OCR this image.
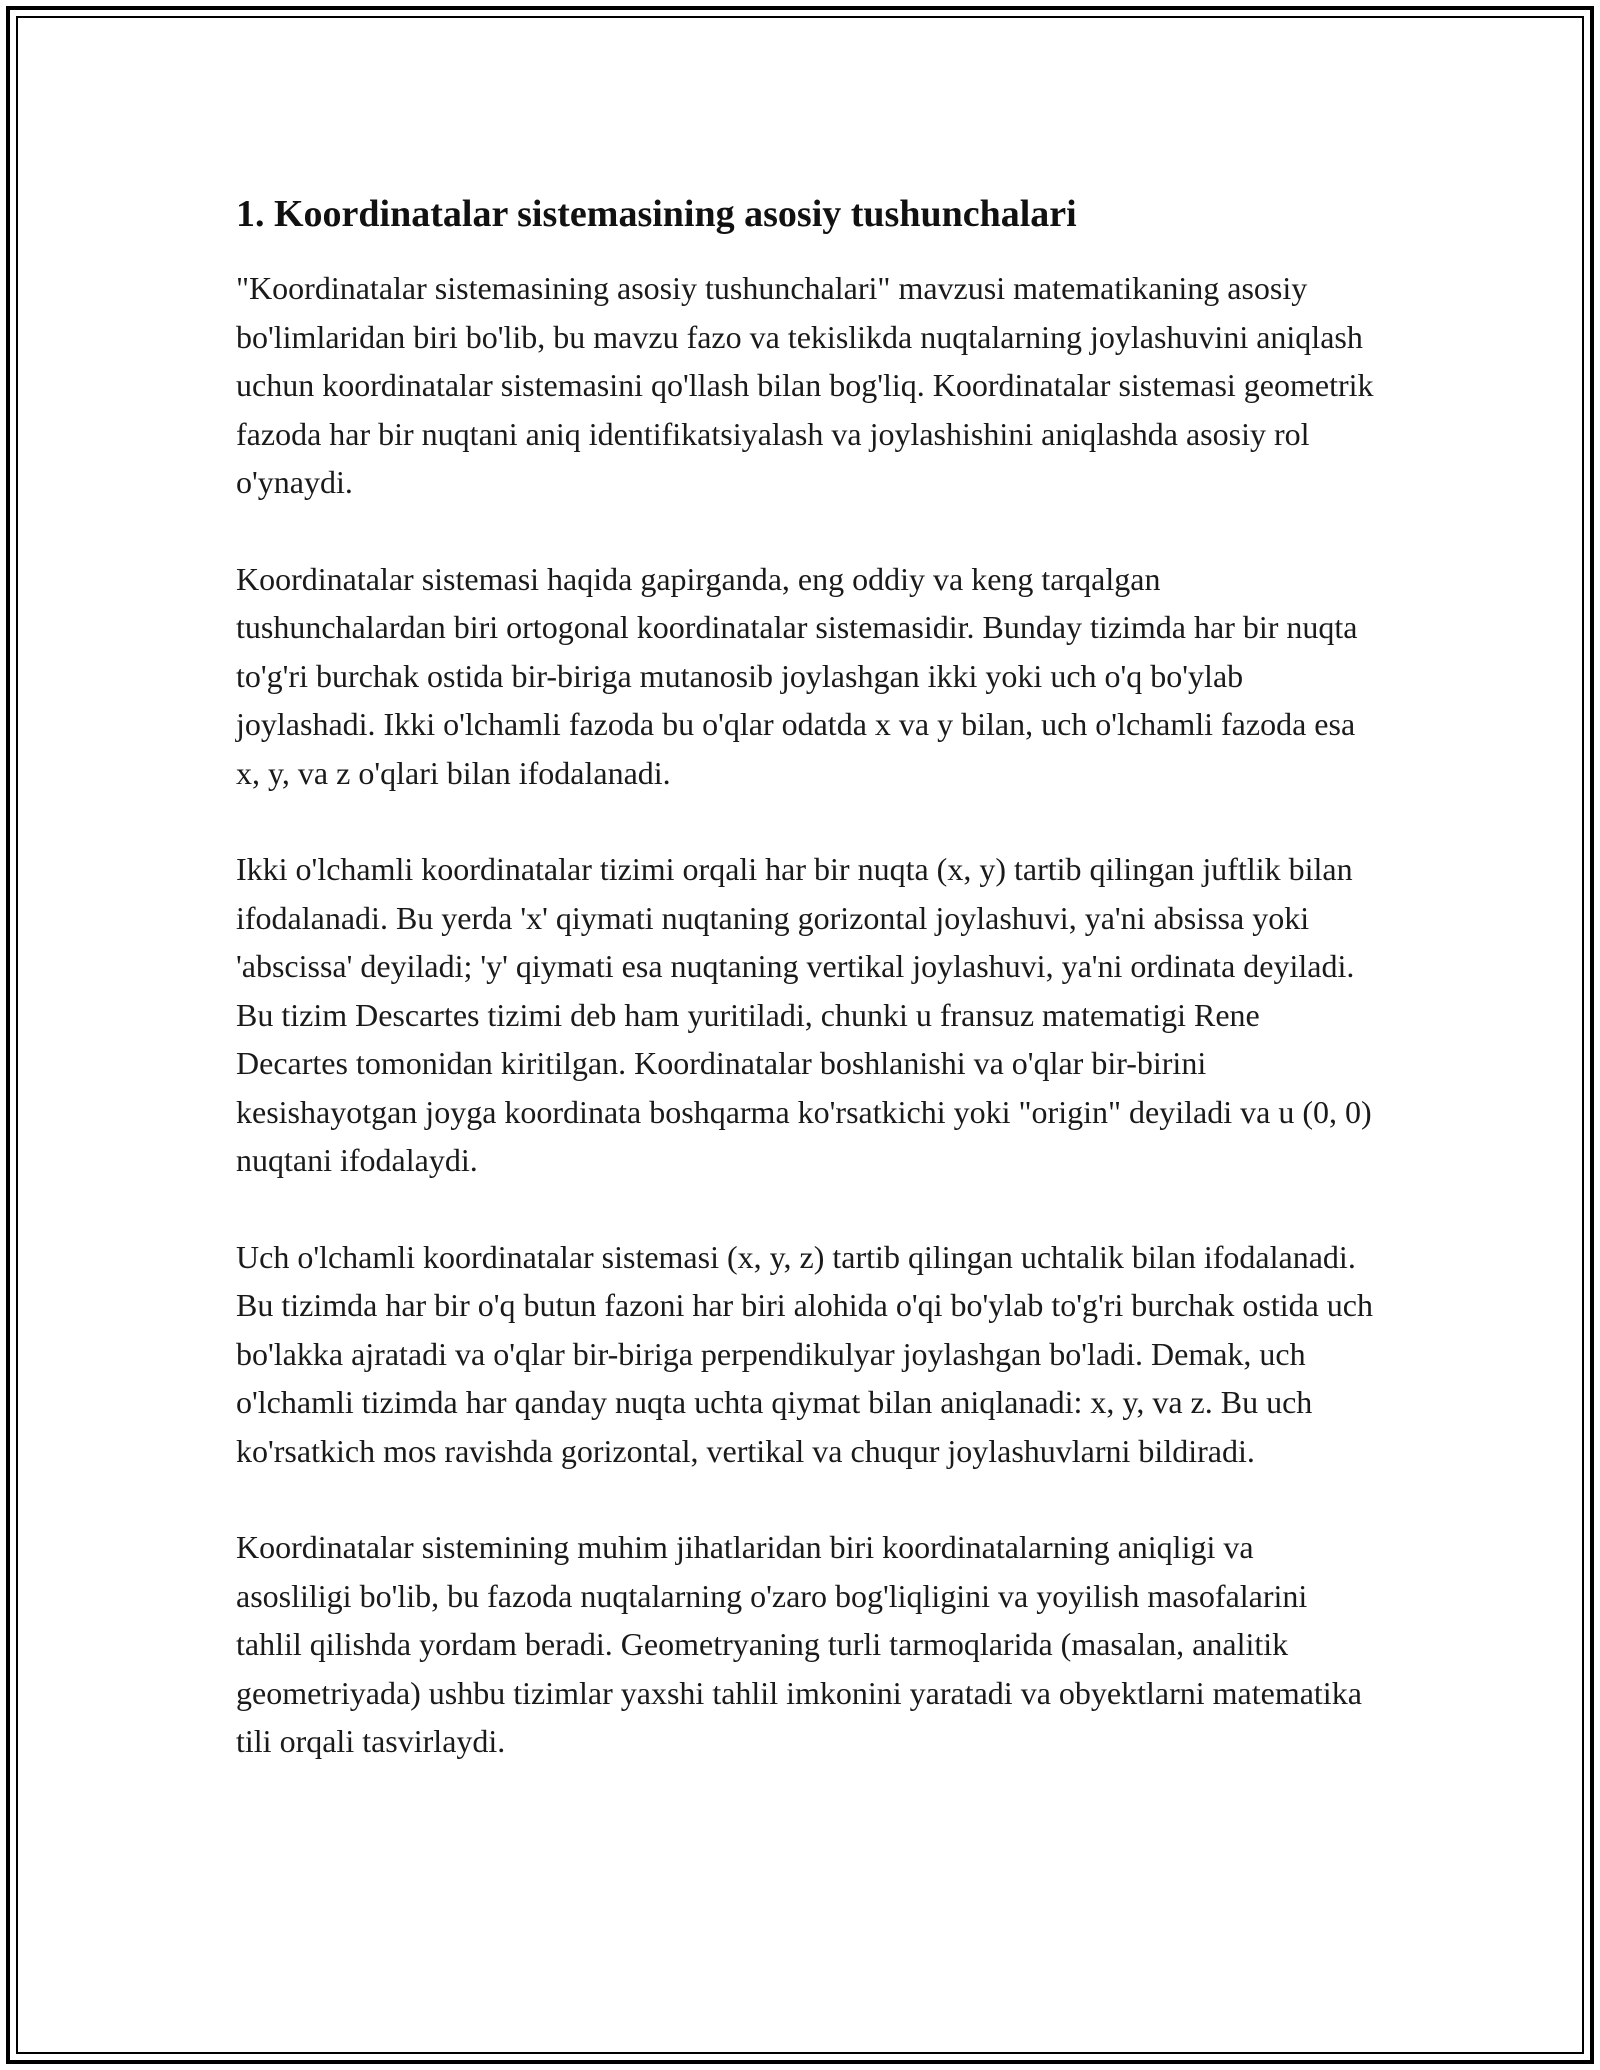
1. Koordinatalar sistemasining asosiy tushunchalari

"Koordinatalar sistemasining asosiy tushunchalari" mavzusi matematikaning asosiy bo'limlaridan biri bo'lib, bu mavzu fazo va tekislikda nuqtalarning joylashuvini aniqlash uchun koordinatalar sistemasini qo'llash bilan bog'liq. Koordinatalar sistemasi geometrik fazoda har bir nuqtani aniq identifikatsiyalash va joylashishini aniqlashda asosiy rol o'ynaydi.

Koordinatalar sistemasi haqida gapirganda, eng oddiy va keng tarqalgan tushunchalardan biri ortogonal koordinatalar sistemasidir. Bunday tizimda har bir nuqta to'g'ri burchak ostida bir-biriga mutanosib joylashgan ikki yoki uch o'q bo'ylab joylashadi. Ikki o'lchamli fazoda bu o'qlar odatda x va y bilan, uch o'lchamli fazoda esa x, y, va z o'qlari bilan ifodalanadi.

Ikki o'lchamli koordinatalar tizimi orqali har bir nuqta (x, y) tartib qilingan juftlik bilan ifodalanadi. Bu yerda 'x' qiymati nuqtaning gorizontal joylashuvi, ya'ni absissa yoki 'abscissa' deyiladi; 'y' qiymati esa nuqtaning vertikal joylashuvi, ya'ni ordinata deyiladi. Bu tizim Descartes tizimi deb ham yuritiladi, chunki u fransuz matematigi Rene Decartes tomonidan kiritilgan. Koordinatalar boshlanishi va o'qlar bir-birini kesishayotgan joyga koordinata boshqarma ko'rsatkichi yoki "origin" deyiladi va u (0, 0) nuqtani ifodalaydi.

Uch o'lchamli koordinatalar sistemasi (x, y, z) tartib qilingan uchtalik bilan ifodalanadi. Bu tizimda har bir o'q butun fazoni har biri alohida o'qi bo'ylab to'g'ri burchak ostida uch bo'lakka ajratadi va o'qlar bir-biriga perpendikulyar joylashgan bo'ladi. Demak, uch o'lchamli tizimda har qanday nuqta uchta qiymat bilan aniqlanadi: x, y, va z. Bu uch ko'rsatkich mos ravishda gorizontal, vertikal va chuqur joylashuvlarni bildiradi.

Koordinatalar sistemining muhim jihatlaridan biri koordinatalarning aniqligi va asosliligi bo'lib, bu fazoda nuqtalarning o'zaro bog'liqligini va yoyilish masofalarini tahlil qilishda yordam beradi. Geometryaning turli tarmoqlarida (masalan, analitik geometriyada) ushbu tizimlar yaxshi tahlil imkonini yaratadi va obyektlarni matematika tili orqali tasvirlaydi.
